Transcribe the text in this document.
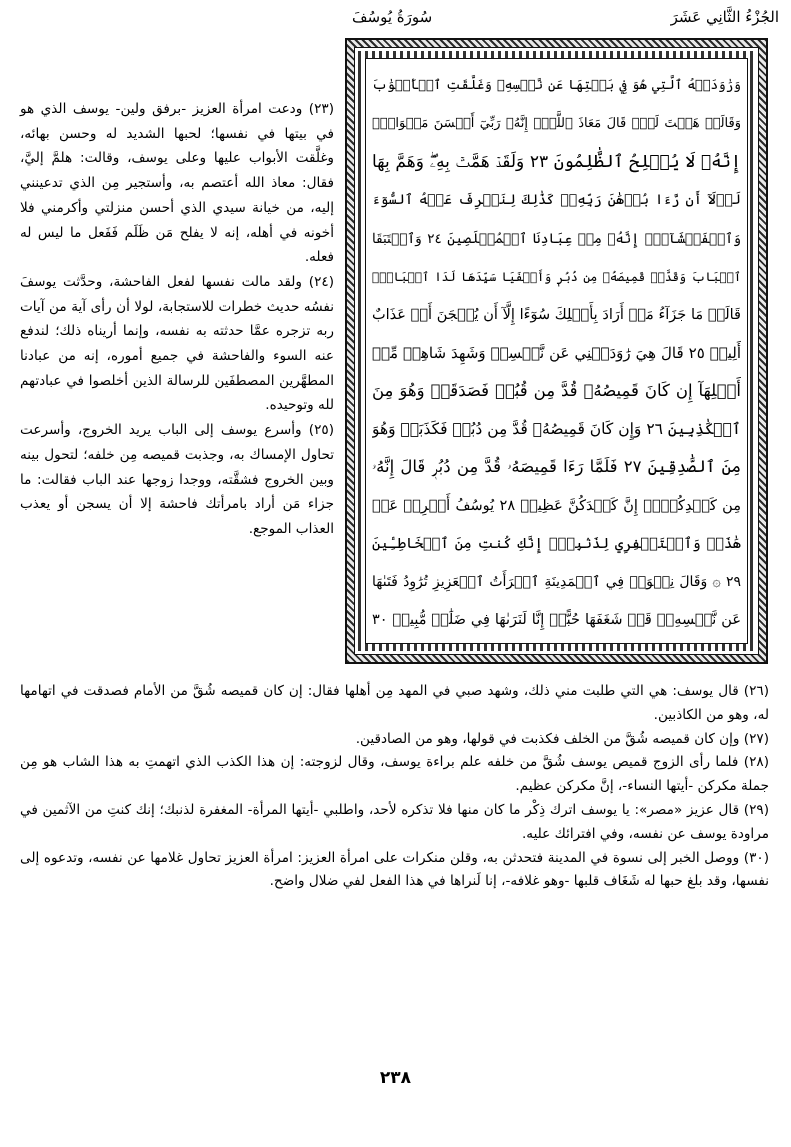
الجُزْءُ الثَّانِي عَشَرَ
سُورَةُ يُوسُفَ
وَرَٰوَدَتۡهُ ٱلَّتِي هُوَ فِي بَيۡتِهَا عَن نَّفۡسِهِۦ وَغَلَّقَتِ ٱلۡأَبۡوَٰبَ
وَقَالَتۡ هَيۡتَ لَكَۚ قَالَ مَعَاذَ ٱللَّهِۖ إِنَّهُۥ رَبِّيٓ أَحۡسَنَ مَثۡوَايَۖ
إِنَّهُۥ لَا يُفۡلِحُ ٱلظَّٰلِمُونَ ٢٣ وَلَقَدۡ هَمَّتۡ بِهِۦۖ وَهَمَّ بِهَا
لَوۡلَآ أَن رَّءَا بُرۡهَٰنَ رَبِّهِۦۚ كَذَٰلِكَ لِنَصۡرِفَ عَنۡهُ ٱلسُّوٓءَ
وَٱلۡفَحۡشَآءَۚ إِنَّهُۥ مِنۡ عِبَادِنَا ٱلۡمُخۡلَصِينَ ٢٤ وَٱسۡتَبَقَا
ٱلۡبَابَ وَقَدَّتۡ قَمِيصَهُۥ مِن دُبُرٖ وَأَلۡفَيَا سَيِّدَهَا لَدَا ٱلۡبَابِۚ
قَالَتۡ مَا جَزَآءُ مَنۡ أَرَادَ بِأَهۡلِكَ سُوٓءًا إِلَّآ أَن يُسۡجَنَ أَوۡ عَذَابٌ
أَلِيمٞ ٢٥ قَالَ هِيَ رَٰوَدَتۡنِي عَن نَّفۡسِيۚ وَشَهِدَ شَاهِدٞ مِّنۡ
أَهۡلِهَآ إِن كَانَ قَمِيصُهُۥ قُدَّ مِن قُبُلٖ فَصَدَقَتۡ وَهُوَ مِنَ
ٱلۡكَٰذِبِينَ ٢٦ وَإِن كَانَ قَمِيصُهُۥ قُدَّ مِن دُبُرٖ فَكَذَبَتۡ وَهُوَ
مِنَ ٱلصَّٰدِقِينَ ٢٧ فَلَمَّا رَءَا قَمِيصَهُۥ قُدَّ مِن دُبُرٖ قَالَ إِنَّهُۥ
مِن كَيۡدِكُنَّۖ إِنَّ كَيۡدَكُنَّ عَظِيمٞ ٢٨ يُوسُفُ أَعۡرِضۡ عَنۡ
هَٰذَاۚ وَٱسۡتَغۡفِرِي لِذَنۢبِكِۖ إِنَّكِ كُنتِ مِنَ ٱلۡخَاطِـِٔينَ
٢٩ ۞ وَقَالَ نِسۡوَةٞ فِي ٱلۡمَدِينَةِ ٱمۡرَأَتُ ٱلۡعَزِيزِ تُرَٰوِدُ فَتَىٰهَا
عَن نَّفۡسِهِۦۖ قَدۡ شَغَفَهَا حُبًّاۖ إِنَّا لَنَرَىٰهَا فِي ضَلَٰلٖ مُّبِينٖ ٣٠

(٢٣) ودعت امرأة العزيز -برفق ولين- يوسف الذي هو في بيتها في نفسها؛ لحبها الشديد له وحسن بهائه، وغلَّقت الأبواب عليها وعلى يوسف، وقالت: هلمَّ إليَّ، فقال: معاذ الله أعتصم به، وأستجير مِن الذي تدعينني إليه، من خيانة سيدي الذي أحسن منزلتي وأكرمني فلا أخونه في أهله، إنه لا يفلح مَن ظَلَم فَفَعل ما ليس له فعله.

(٢٤) ولقد مالت نفسها لفعل الفاحشة، وحدَّثت يوسفَ نفسُه حديث خطرات للاستجابة، لولا أن رأى آية من آيات ربه تزجره عمَّا حدثته به نفسه، وإنما أريناه ذلك؛ لندفع عنه السوء والفاحشة في جميع أموره، إنه من عبادنا المطهَّرين المصطفَين للرسالة الذين أخلصوا في عبادتهم لله وتوحيده.

(٢٥) وأسرع يوسف إلى الباب يريد الخروج، وأسرعت تحاول الإمساك به، وجذبت قميصه مِن خلفه؛ لتحول بينه وبين الخروج فشقَّته، ووجدا زوجها عند الباب فقالت: ما جزاء مَن أراد بامرأتك فاحشة إلا أن يسجن أو يعذب العذاب الموجع.

(٢٦) قال يوسف: هي التي طلبت مني ذلك، وشهد صبي في المهد مِن أهلها فقال: إن كان قميصه شُقَّ من الأمام فصدقت في اتهامها له، وهو من الكاذبين.

(٢٧) وإن كان قميصه شُقَّ من الخلف فكذبت في قولها، وهو من الصادقين.

(٢٨) فلما رأى الزوج قميص يوسف شُقَّ من خلفه علم براءة يوسف، وقال لزوجته: إن هذا الكذب الذي اتهمتِ به هذا الشاب هو مِن جملة مكركن -أيتها النساء-، إنَّ مكركن عظيم.

(٢٩) قال عزيز «مصر»: يا يوسف اترك ذِكْر ما كان منها فلا تذكره لأحد، واطلبي -أيتها المرأة- المغفرة لذنبك؛ إنك كنتِ من الآثمين في مراودة يوسف عن نفسه، وفي افترائك عليه.

(٣٠) ووصل الخبر إلى نسوة في المدينة فتحدثن به، وقلن منكرات على امرأة العزيز: امرأة العزيز تحاول غلامها عن نفسه، وتدعوه إلى نفسها، وقد بلغ حبها له شَغَاف قلبها -وهو غلافه-، إنا لَنراها في هذا الفعل لفي ضلال واضح.

٢٣٨
